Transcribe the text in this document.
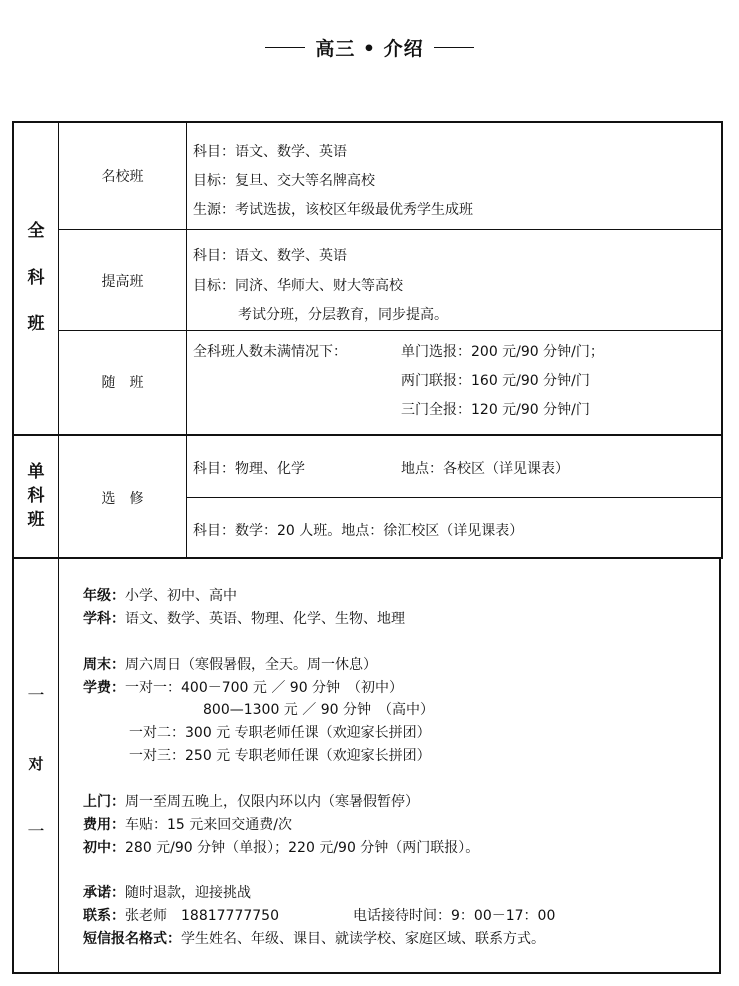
高三 • 介绍
全
科
班
名校班
科目：语文、数学、英语
目标：复旦、交大等名牌高校
生源：考试选拔，该校区年级最优秀学生成班
提高班
科目：语文、数学、英语
目标：同济、华师大、财大等高校
考试分班，分层教育，同步提高。
随　班
全科班人数未满情况下：	单门选报：200 元/90 分钟/门；
两门联报：160 元/90 分钟/门
三门全报：120 元/90 分钟/门
单
科
班
选　修
科目：物理、化学	地点：各校区（详见课表）
科目：数学：20 人班。地点：徐汇校区（详见课表）
一
对
一
年级：小学、初中、高中
学科：语文、数学、英语、物理、化学、生物、地理
周末：周六周日（寒假暑假，全天。周一休息）
学费：一对一：400－700 元 ／ 90 分钟　（初中）
800—1300 元 ／ 90 分钟　（高中）
一对二：300 元 专职老师任课（欢迎家长拼团）
一对三：250 元 专职老师任课（欢迎家长拼团）
上门：周一至周五晚上，仅限内环以内（寒暑假暂停）
费用：车贴：15 元来回交通费/次
初中：280 元/90 分钟（单报）；220 元/90 分钟（两门联报）。
承诺：随时退款，迎接挑战
联系：张老师　18817777750	电话接待时间：9：00－17：00
短信报名格式：学生姓名、年级、课目、就读学校、家庭区域、联系方式。
